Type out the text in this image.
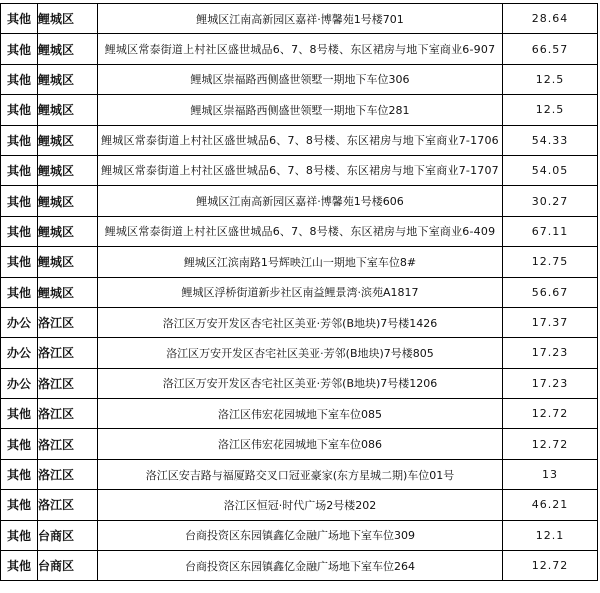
其他	鲤城区	鲤城区江南高新园区嘉祥·博馨苑1号楼701	28.64
其他	鲤城区	鲤城区常泰街道上村社区盛世城品6、7、8号楼、东区裙房与地下室商业6-907	66.57
其他	鲤城区	鲤城区崇福路西侧盛世领墅一期地下车位306	12.5
其他	鲤城区	鲤城区崇福路西侧盛世领墅一期地下车位281	12.5
其他	鲤城区	鲤城区常泰街道上村社区盛世城品6、7、8号楼、东区裙房与地下室商业7-1706	54.33
其他	鲤城区	鲤城区常泰街道上村社区盛世城品6、7、8号楼、东区裙房与地下室商业7-1707	54.05
其他	鲤城区	鲤城区江南高新园区嘉祥·博馨苑1号楼606	30.27
其他	鲤城区	鲤城区常泰街道上村社区盛世城品6、7、8号楼、东区裙房与地下室商业6-409	67.11
其他	鲤城区	鲤城区江滨南路1号辉映江山一期地下室车位8#	12.75
其他	鲤城区	鲤城区浮桥街道新步社区南益鲤景湾·滨苑A1817	56.67
办公	洛江区	洛江区万安开发区杏宅社区美亚·芳邻(B地块)7号楼1426	17.37
办公	洛江区	洛江区万安开发区杏宅社区美亚·芳邻(B地块)7号楼805	17.23
办公	洛江区	洛江区万安开发区杏宅社区美亚·芳邻(B地块)7号楼1206	17.23
其他	洛江区	洛江区伟宏花园城地下室车位085	12.72
其他	洛江区	洛江区伟宏花园城地下室车位086	12.72
其他	洛江区	洛江区安吉路与福厦路交叉口冠亚豪家(东方星城二期)车位01号	13
其他	洛江区	洛江区恒冠·时代广场2号楼202	46.21
其他	台商区	台商投资区东园镇鑫亿金融广场地下室车位309	12.1
其他	台商区	台商投资区东园镇鑫亿金融广场地下室车位264	12.72
